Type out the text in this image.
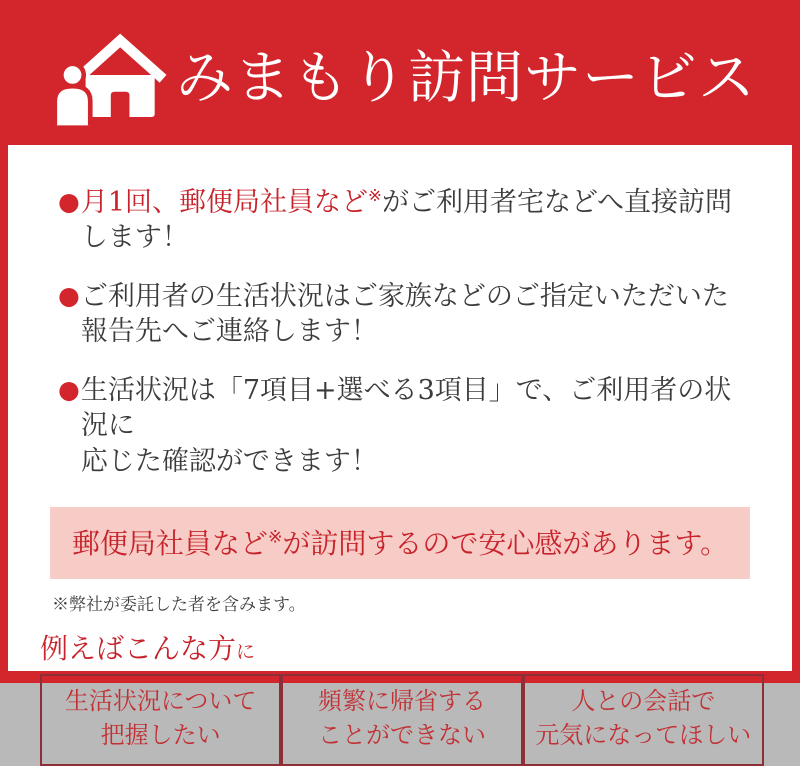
みまもり訪問サービス
● 月1回、郵便局社員など※がご利用者宅などへ直接訪問します！

● ご利用者の生活状況はご家族などのご指定いただいた
報告先へご連絡します！

● 生活状況は「7項目+選べる3項目」で、ご利用者の状況に
応じた確認ができます！

郵便局社員など※が訪問するので安心感があります。

※弊社が委託した者を含みます。

例えばこんな方に
生活状況について
把握したい
頻繁に帰省する
ことができない
人との会話で
元気になってほしい
